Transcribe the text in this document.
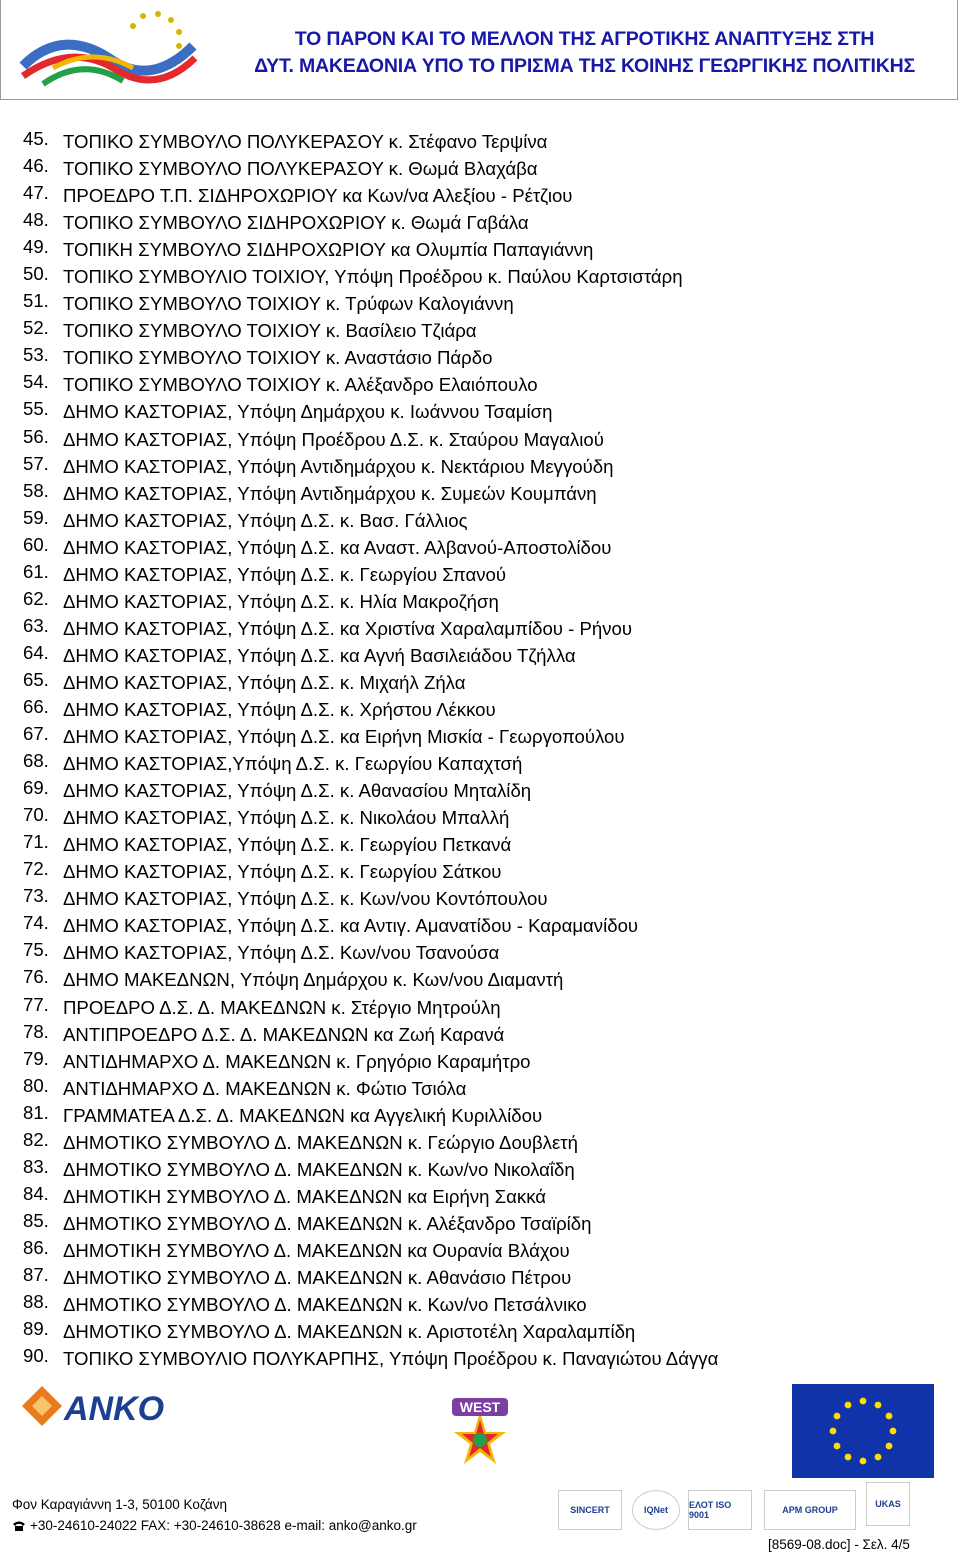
ΤΟ ΠΑΡΟΝ ΚΑΙ ΤΟ ΜΕΛΛΟΝ ΤΗΣ ΑΓΡΟΤΙΚΗΣ ΑΝΑΠΤΥΞΗΣ ΣΤΗ
ΔΥΤ. ΜΑΚΕΔΟΝΙΑ ΥΠΟ ΤΟ ΠΡΙΣΜΑ ΤΗΣ ΚΟΙΝΗΣ ΓΕΩΡΓΙΚΗΣ ΠΟΛΙΤΙΚΗΣ
45. ΤΟΠΙΚΟ ΣΥΜΒΟΥΛΟ ΠΟΛΥΚΕΡΑΣΟΥ κ. Στέφανο Τερψίνα
46. ΤΟΠΙΚΟ ΣΥΜΒΟΥΛΟ ΠΟΛΥΚΕΡΑΣΟΥ κ. Θωμά Βλαχάβα
47. ΠΡΟΕΔΡΟ Τ.Π. ΣΙΔΗΡΟΧΩΡΙΟΥ κα Κων/να Αλεξίου - Ρέτζιου
48. ΤΟΠΙΚΟ ΣΥΜΒΟΥΛΟ ΣΙΔΗΡΟΧΩΡΙΟΥ κ. Θωμά Γαβάλα
49. ΤΟΠΙΚΗ ΣΥΜΒΟΥΛΟ ΣΙΔΗΡΟΧΩΡΙΟΥ κα Ολυμπία Παπαγιάννη
50. ΤΟΠΙΚΟ ΣΥΜΒΟΥΛΙΟ ΤΟΙΧΙΟΥ, Υπόψη Προέδρου κ. Παύλου Καρτσιστάρη
51. ΤΟΠΙΚΟ ΣΥΜΒΟΥΛΟ ΤΟΙΧΙΟΥ κ. Τρύφων Καλογιάννη
52. ΤΟΠΙΚΟ ΣΥΜΒΟΥΛΟ ΤΟΙΧΙΟΥ κ. Βασίλειο Τζιάρα
53. ΤΟΠΙΚΟ ΣΥΜΒΟΥΛΟ ΤΟΙΧΙΟΥ κ. Αναστάσιο Πάρδο
54. ΤΟΠΙΚΟ ΣΥΜΒΟΥΛΟ ΤΟΙΧΙΟΥ κ. Αλέξανδρο Ελαιόπουλο
55. ΔΗΜΟ ΚΑΣΤΟΡΙΑΣ, Υπόψη Δημάρχου κ. Ιωάννου Τσαμίση
56. ΔΗΜΟ ΚΑΣΤΟΡΙΑΣ, Υπόψη Προέδρου Δ.Σ. κ. Σταύρου Μαγαλιού
57. ΔΗΜΟ ΚΑΣΤΟΡΙΑΣ, Υπόψη Αντιδημάρχου κ. Νεκτάριου Μεγγούδη
58. ΔΗΜΟ ΚΑΣΤΟΡΙΑΣ, Υπόψη Αντιδημάρχου κ. Συμεών Κουμπάνη
59. ΔΗΜΟ ΚΑΣΤΟΡΙΑΣ, Υπόψη Δ.Σ. κ. Βασ. Γάλλιος
60. ΔΗΜΟ ΚΑΣΤΟΡΙΑΣ, Υπόψη Δ.Σ. κα Αναστ. Αλβανού-Αποστολίδου
61. ΔΗΜΟ ΚΑΣΤΟΡΙΑΣ, Υπόψη Δ.Σ. κ. Γεωργίου Σπανού
62. ΔΗΜΟ ΚΑΣΤΟΡΙΑΣ, Υπόψη Δ.Σ. κ. Ηλία Μακροζήση
63. ΔΗΜΟ ΚΑΣΤΟΡΙΑΣ, Υπόψη Δ.Σ. κα Χριστίνα Χαραλαμπίδου - Ρήνου
64. ΔΗΜΟ ΚΑΣΤΟΡΙΑΣ, Υπόψη Δ.Σ. κα Αγνή Βασιλειάδου Τζήλλα
65. ΔΗΜΟ ΚΑΣΤΟΡΙΑΣ, Υπόψη Δ.Σ. κ. Μιχαήλ Ζήλα
66. ΔΗΜΟ ΚΑΣΤΟΡΙΑΣ, Υπόψη Δ.Σ. κ. Χρήστου Λέκκου
67. ΔΗΜΟ ΚΑΣΤΟΡΙΑΣ, Υπόψη Δ.Σ. κα Ειρήνη Μισκία - Γεωργοπούλου
68. ΔΗΜΟ ΚΑΣΤΟΡΙΑΣ,Υπόψη Δ.Σ. κ. Γεωργίου Καπαχτσή
69. ΔΗΜΟ ΚΑΣΤΟΡΙΑΣ, Υπόψη Δ.Σ. κ. Αθανασίου Μηταλίδη
70. ΔΗΜΟ ΚΑΣΤΟΡΙΑΣ, Υπόψη Δ.Σ. κ. Νικολάου Μπαλλή
71. ΔΗΜΟ ΚΑΣΤΟΡΙΑΣ, Υπόψη Δ.Σ. κ. Γεωργίου Πετκανά
72. ΔΗΜΟ ΚΑΣΤΟΡΙΑΣ, Υπόψη Δ.Σ. κ. Γεωργίου Σάτκου
73. ΔΗΜΟ ΚΑΣΤΟΡΙΑΣ, Υπόψη Δ.Σ. κ. Κων/νου Κοντόπουλου
74. ΔΗΜΟ ΚΑΣΤΟΡΙΑΣ, Υπόψη Δ.Σ. κα Αντιγ. Αμανατίδου - Καραμανίδου
75. ΔΗΜΟ ΚΑΣΤΟΡΙΑΣ, Υπόψη Δ.Σ. Κων/νου Τσανούσα
76. ΔΗΜΟ ΜΑΚΕΔΝΩΝ, Υπόψη Δημάρχου κ. Κων/νου Διαμαντή
77. ΠΡΟΕΔΡΟ Δ.Σ. Δ. ΜΑΚΕΔΝΩΝ κ. Στέργιο Μητρούλη
78. ΑΝΤΙΠΡΟΕΔΡΟ Δ.Σ. Δ. ΜΑΚΕΔΝΩΝ κα Ζωή Καρανά
79. ΑΝΤΙΔΗΜΑΡΧΟ Δ. ΜΑΚΕΔΝΩΝ κ. Γρηγόριο Καραμήτρο
80. ΑΝΤΙΔΗΜΑΡΧΟ Δ. ΜΑΚΕΔΝΩΝ κ. Φώτιο Τσιόλα
81. ΓΡΑΜΜΑΤΕΑ Δ.Σ. Δ. ΜΑΚΕΔΝΩΝ κα Αγγελική Κυριλλίδου
82. ΔΗΜΟΤΙΚΟ ΣΥΜΒΟΥΛΟ Δ. ΜΑΚΕΔΝΩΝ κ. Γεώργιο Δουβλετή
83. ΔΗΜΟΤΙΚΟ ΣΥΜΒΟΥΛΟ Δ. ΜΑΚΕΔΝΩΝ κ. Κων/νο Νικολαΐδη
84. ΔΗΜΟΤΙΚΗ ΣΥΜΒΟΥΛΟ Δ. ΜΑΚΕΔΝΩΝ κα Ειρήνη Σακκά
85. ΔΗΜΟΤΙΚΟ ΣΥΜΒΟΥΛΟ Δ. ΜΑΚΕΔΝΩΝ κ. Αλέξανδρο Τσαϊρίδη
86. ΔΗΜΟΤΙΚΗ ΣΥΜΒΟΥΛΟ Δ. ΜΑΚΕΔΝΩΝ κα Ουρανία Βλάχου
87. ΔΗΜΟΤΙΚΟ ΣΥΜΒΟΥΛΟ Δ. ΜΑΚΕΔΝΩΝ κ. Αθανάσιο Πέτρου
88. ΔΗΜΟΤΙΚΟ ΣΥΜΒΟΥΛΟ Δ. ΜΑΚΕΔΝΩΝ κ. Κων/νο Πετσάλνικο
89. ΔΗΜΟΤΙΚΟ ΣΥΜΒΟΥΛΟ Δ. ΜΑΚΕΔΝΩΝ κ. Αριστοτέλη Χαραλαμπίδη
90. ΤΟΠΙΚΟ ΣΥΜΒΟΥΛΙΟ ΠΟΛΥΚΑΡΠΗΣ, Υπόψη Προέδρου κ. Παναγιώτου Δάγγα
ANKO	WEST
Φον Καραγιάννη 1-3, 50100 Κοζάνη
+30-24610-24022 FAX: +30-24610-38628 e-mail: anko@anko.gr
SINCERT	IQNet ΕΛΟΤ ISO 9001	APM GROUP
UKAS
[8569-08.doc] - Σελ. 4/5
